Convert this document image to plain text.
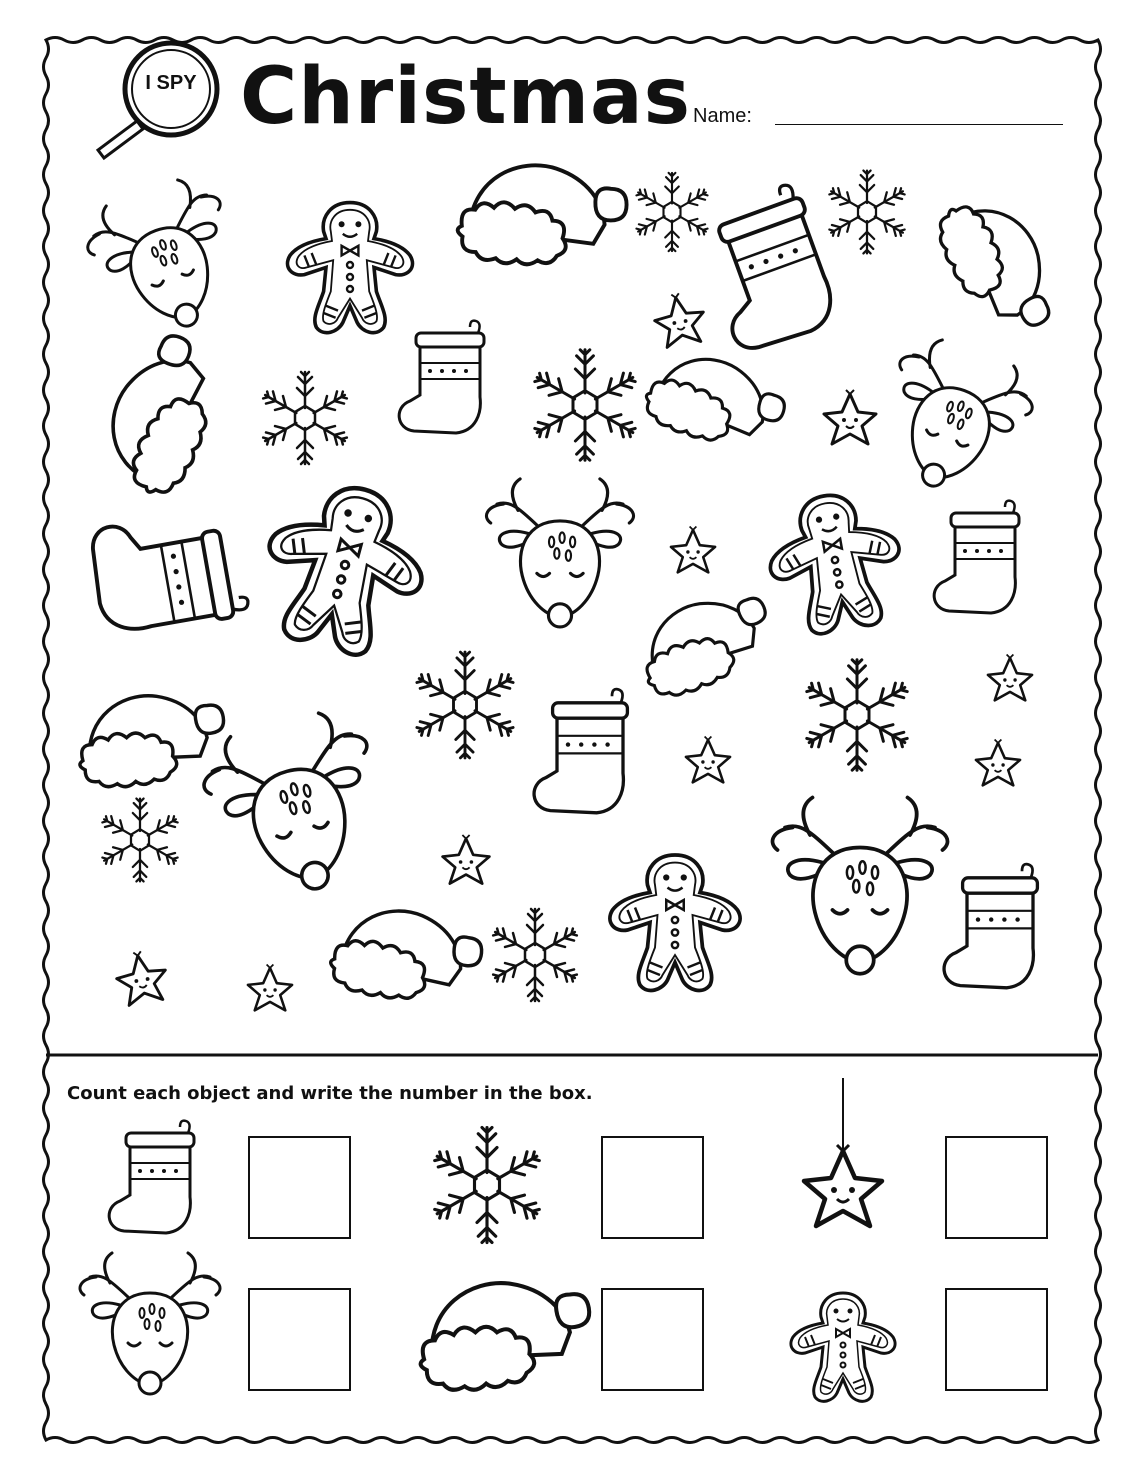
I SPY Christmas Name:
Count each object and write the number in the box.
